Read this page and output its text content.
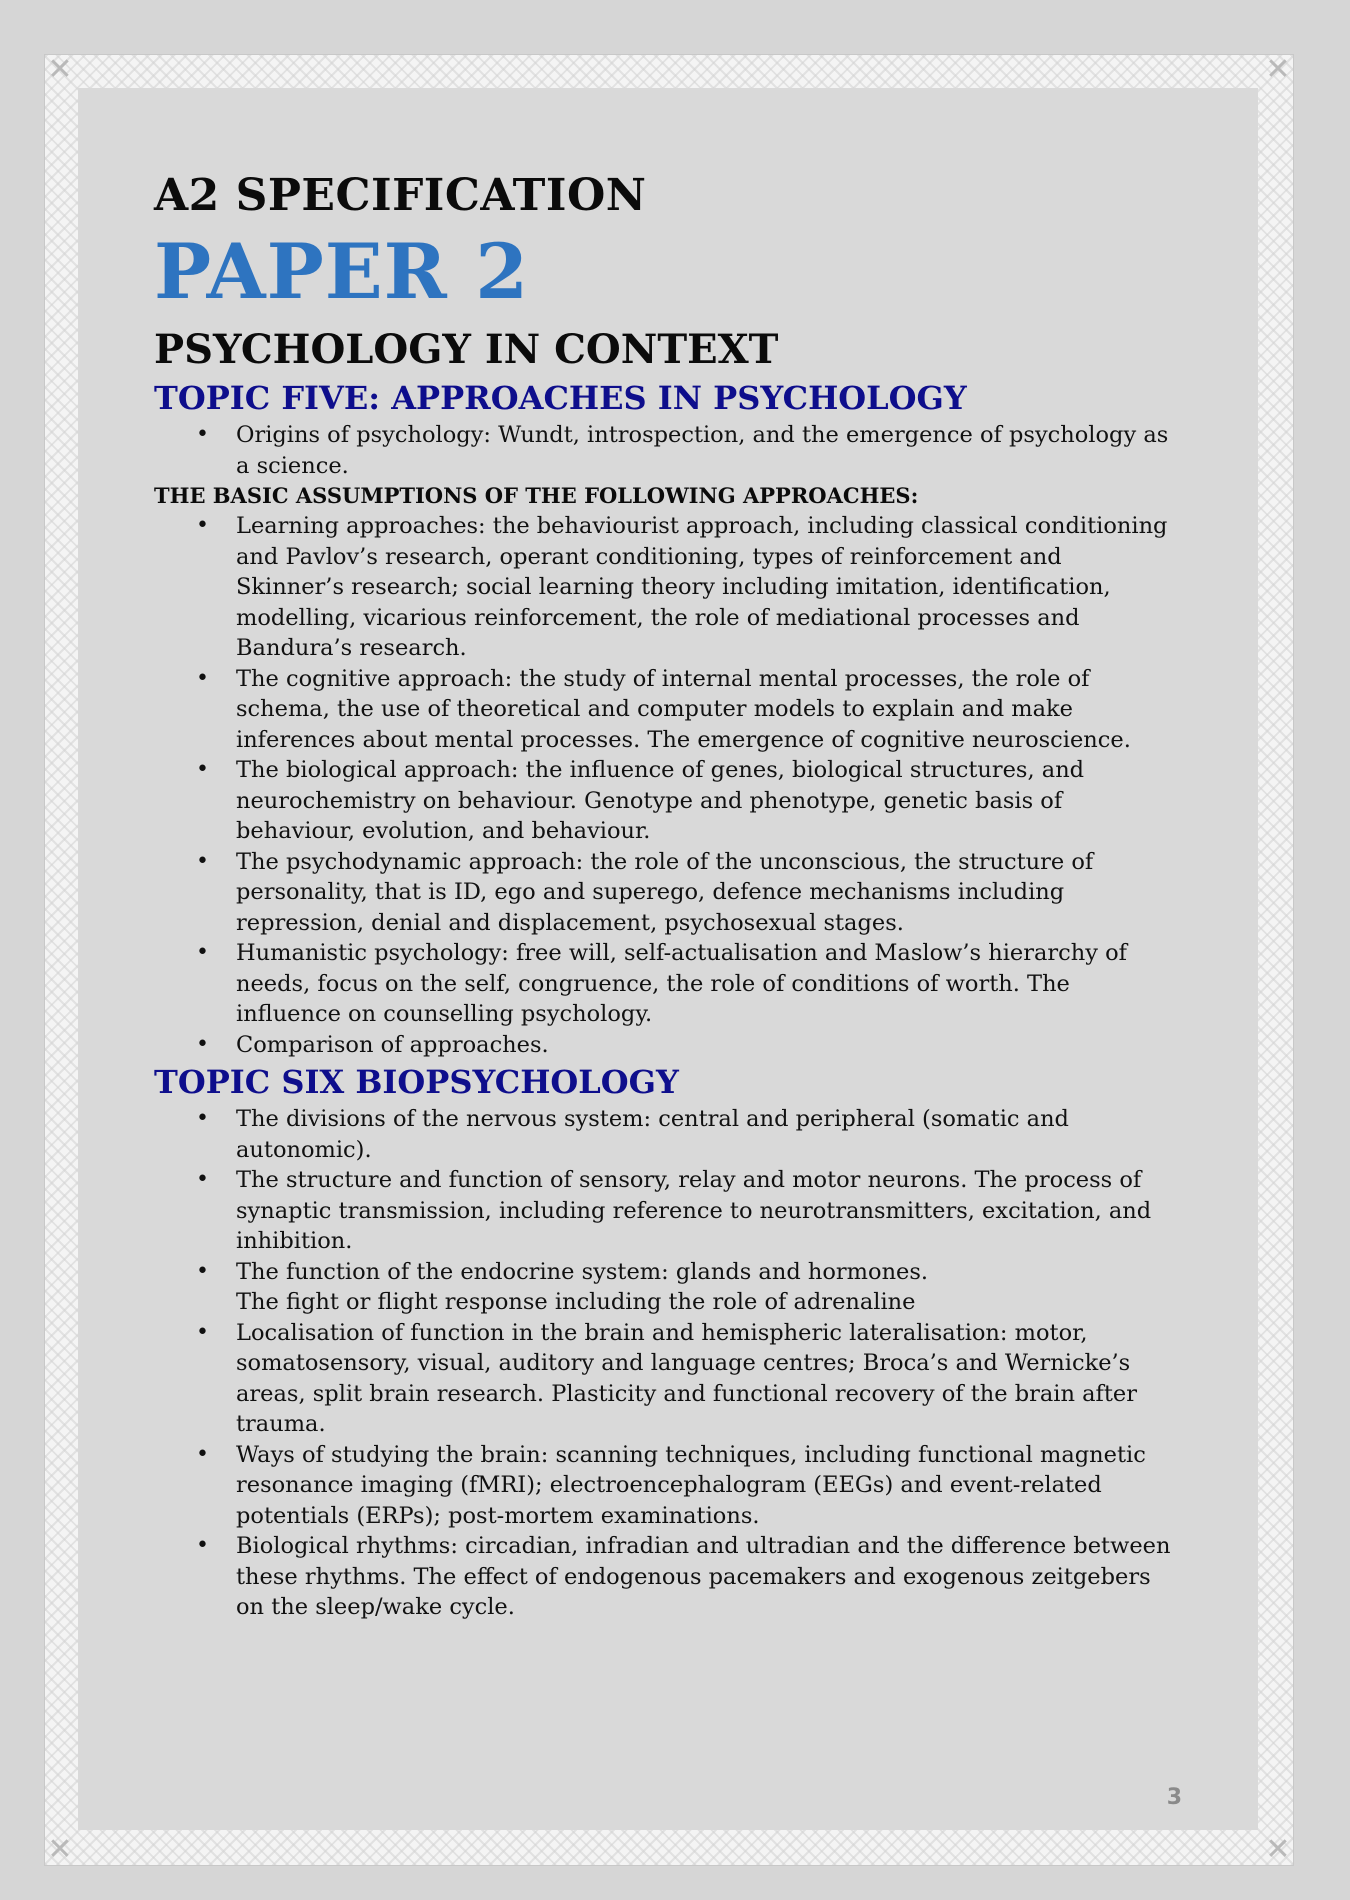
✕	✕
✕	✕
A2 SPECIFICATION
PAPER 2
PSYCHOLOGY IN CONTEXT
TOPIC FIVE: APPROACHES IN PSYCHOLOGY
• Origins of psychology: Wundt, introspection, and the emergence of psychology as a science.
THE BASIC ASSUMPTIONS OF THE FOLLOWING APPROACHES:
• Learning approaches: the behaviourist approach, including classical conditioning and Pavlov’s research, operant conditioning, types of reinforcement and Skinner’s research; social learning theory including imitation, identification, modelling, vicarious reinforcement, the role of mediational processes and Bandura’s research.
• The cognitive approach: the study of internal mental processes, the role of schema, the use of theoretical and computer models to explain and make inferences about mental processes. The emergence of cognitive neuroscience.
• The biological approach: the influence of genes, biological structures, and neurochemistry on behaviour. Genotype and phenotype, genetic basis of behaviour, evolution, and behaviour.
• The psychodynamic approach: the role of the unconscious, the structure of personality, that is ID, ego and superego, defence mechanisms including repression, denial and displacement, psychosexual stages.
• Humanistic psychology: free will, self-actualisation and Maslow’s hierarchy of needs, focus on the self, congruence, the role of conditions of worth. The influence on counselling psychology.
• Comparison of approaches.
TOPIC SIX BIOPSYCHOLOGY
• The divisions of the nervous system: central and peripheral (somatic and autonomic).
• The structure and function of sensory, relay and motor neurons. The process of synaptic transmission, including reference to neurotransmitters, excitation, and inhibition.
• The function of the endocrine system: glands and hormones.
The fight or flight response including the role of adrenaline
• Localisation of function in the brain and hemispheric lateralisation: motor, somatosensory, visual, auditory and language centres; Broca’s and Wernicke’s areas, split brain research. Plasticity and functional recovery of the brain after trauma.
• Ways of studying the brain: scanning techniques, including functional magnetic resonance imaging (fMRI); electroencephalogram (EEGs) and event-related potentials (ERPs); post-mortem examinations.
• Biological rhythms: circadian, infradian and ultradian and the difference between these rhythms. The effect of endogenous pacemakers and exogenous zeitgebers on the sleep/wake cycle.
3
